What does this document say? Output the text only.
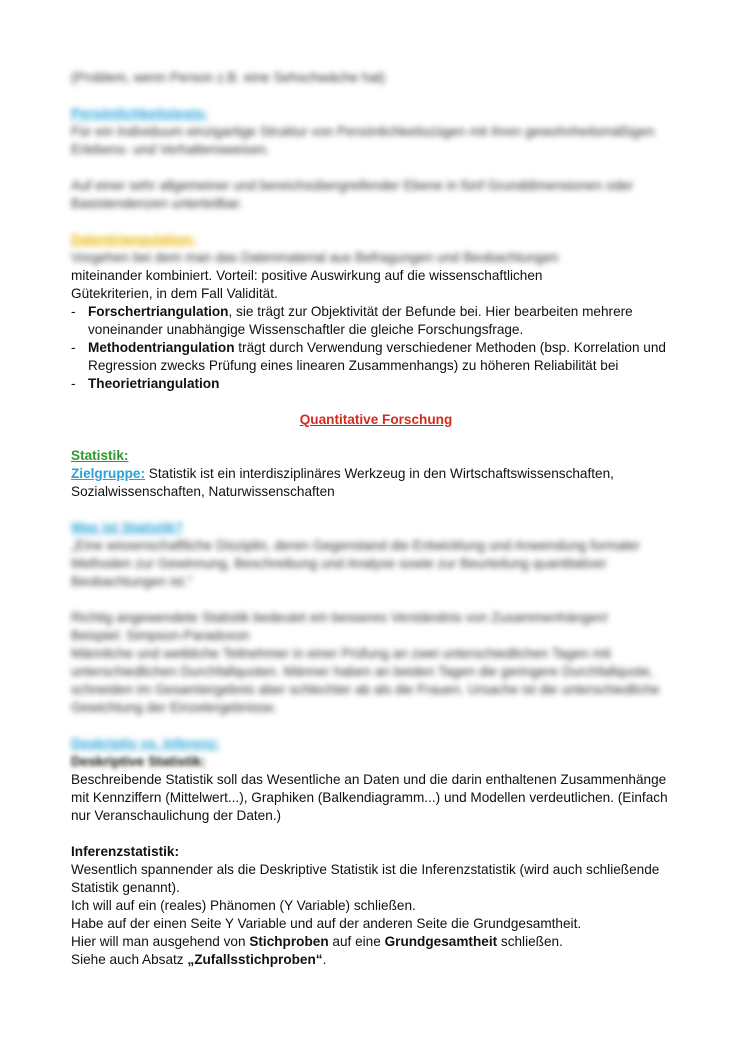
(Problem, wenn Person z.B. eine Sehschwäche hat)

Persönlichkeitstests:

Für ein Individuum einzigartige Struktur von Persönlichkeitszügen mit ihren gewohnheitsmäßigen Erlebens- und Verhaltensweisen.

Auf einer sehr allgemeiner und bereichsübergreifender Ebene in fünf Grunddimensionen oder Basistendenzen unterteilbar.

Datentriangulation:

Vorgehen bei dem man das Datenmaterial aus Befragungen und Beobachtungen

miteinander kombiniert. Vorteil: positive Auswirkung auf die wissenschaftlichen

Gütekriterien, in dem Fall Validität.

- Forschertriangulation, sie trägt zur Objektivität der Befunde bei. Hier bearbeiten mehrere voneinander unabhängige Wissenschaftler die gleiche Forschungsfrage.
- Methodentriangulation trägt durch Verwendung verschiedener Methoden (bsp. Korrelation und Regression zwecks Prüfung eines linearen Zusammenhangs) zu höheren Reliabilität bei
- Theorietriangulation

Quantitative Forschung

Statistik:

Zielgruppe: Statistik ist ein interdisziplinäres Werkzeug in den Wirtschaftswissenschaften, Sozialwissenschaften, Naturwissenschaften

Was ist Statistik?

„Eine wissenschaftliche Disziplin, deren Gegenstand die Entwicklung und Anwendung formaler Methoden zur Gewinnung, Beschreibung und Analyse sowie zur Beurteilung quantitativer Beobachtungen ist.“

Richtig angewendete Statistik bedeutet ein besseres Verständnis von Zusammenhängen!

Beispiel: Simpson-Paradoxon

Männliche und weibliche Teilnehmer in einer Prüfung an zwei unterschiedlichen Tagen mit unterschiedlichen Durchfallquoten. Männer haben an beiden Tagen die geringere Durchfallquote, schneiden im Gesamtergebnis aber schlechter ab als die Frauen. Ursache ist die unterschiedliche Gewichtung der Einzelergebnisse.

Deskriptiv vs. Inferenz:

Deskriptive Statistik:

Beschreibende Statistik soll das Wesentliche an Daten und die darin enthaltenen Zusammenhänge mit Kennziffern (Mittelwert...), Graphiken (Balkendiagramm...) und Modellen verdeutlichen. (Einfach nur Veranschaulichung der Daten.)

Inferenzstatistik:

Wesentlich spannender als die Deskriptive Statistik ist die Inferenzstatistik (wird auch schließende Statistik genannt).

Ich will auf ein (reales) Phänomen (Y Variable) schließen.

Habe auf der einen Seite Y Variable und auf der anderen Seite die Grundgesamtheit.

Hier will man ausgehend von Stichproben auf eine Grundgesamtheit schließen.

Siehe auch Absatz „Zufallsstichproben“.
